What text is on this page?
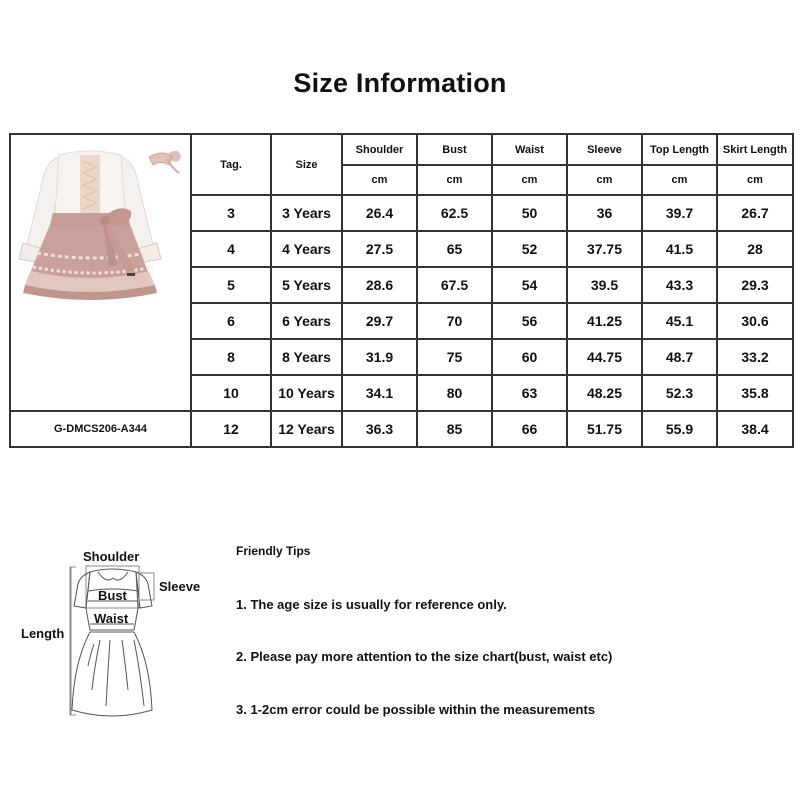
Size Information
	Tag.	Size	Shoulder	Bust	Waist	Sleeve	Top Length	Skirt Length
			cm	cm	cm	cm	cm	cm
	3	3 Years	26.4	62.5	50	36	39.7	26.7
	4	4 Years	27.5	65	52	37.75	41.5	28
	5	5 Years	28.6	67.5	54	39.5	43.3	29.3
	6	6 Years	29.7	70	56	41.25	45.1	30.6
	8	8 Years	31.9	75	60	44.75	48.7	33.2
	10	10 Years	34.1	80	63	48.25	52.3	35.8
G-DMCS206-A344	12	12 Years	36.3	85	66	51.75	55.9	38.4
Shoulder
Sleeve
Bust
Waist
Length
Friendly Tips
1. The age size is usually for reference only.
2. Please pay more attention to the size chart(bust, waist etc)
3. 1-2cm error could be possible within the measurements
